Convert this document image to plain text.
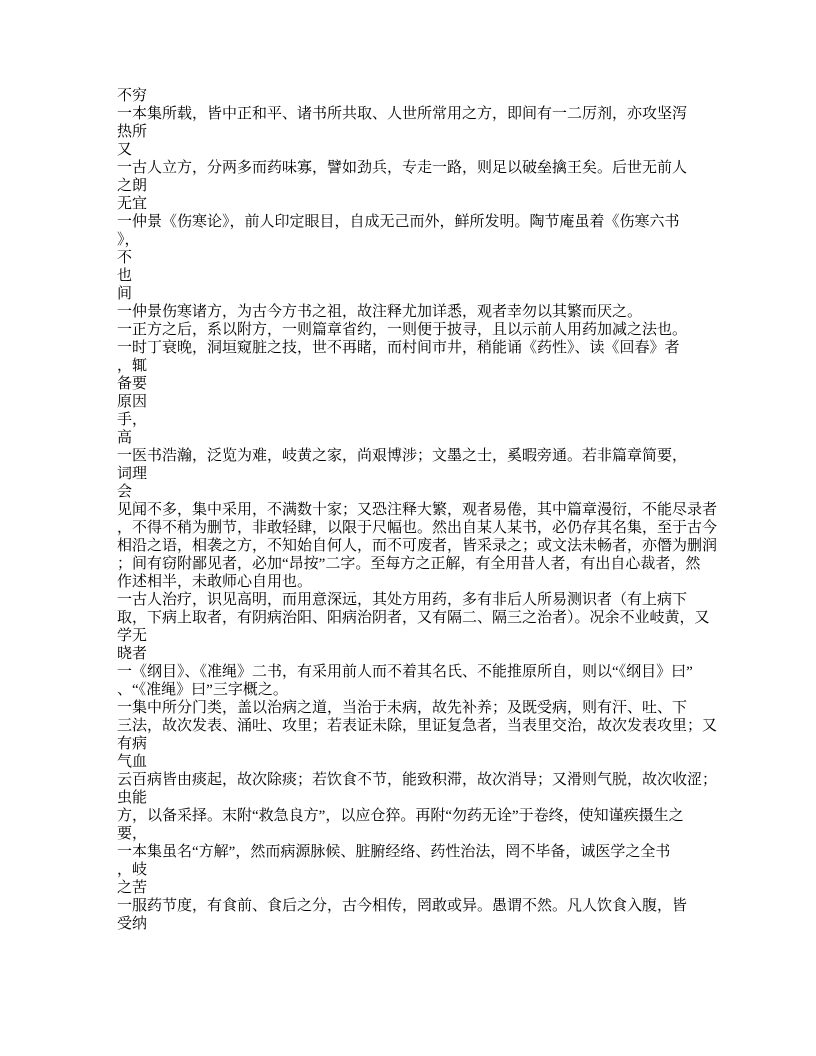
不穷
一本集所载，皆中正和平、诸书所共取、人世所常用之方，即间有一二厉剂，亦攻坚泻
热所
又
一古人立方，分两多而药味寡，譬如劲兵，专走一路，则足以破垒擒王矣。后世无前人
之朗
无宜
一仲景《伤寒论》，前人印定眼目，自成无己而外，鲜所发明。陶节庵虽着《伤寒六书
》，
不
也
间
一仲景伤寒诸方，为古今方书之祖，故注释尤加详悉，观者幸勿以其繁而厌之。
一正方之后，系以附方，一则篇章省约，一则便于披寻，且以示前人用药加减之法也。
一时丁衰晚，洞垣窥脏之技，世不再睹，而村间市井，稍能诵《药性》、读《回春》者
，辄
备要
原因
手，
高
一医书浩瀚，泛览为难，岐黄之家，尚艰博涉；文墨之士，奚暇旁通。若非篇章简要，
词理
会
见闻不多，集中采用，不满数十家；又恐注释大繁，观者易倦，其中篇章漫衍，不能尽录者
，不得不稍为删节，非敢轻肆，以限于尺幅也。然出自某人某书，必仍存其名集，至于古今
相沿之语，相袭之方，不知始自何人，而不可废者，皆采录之；或文法未畅者，亦僭为删润
；间有窃附鄙见者，必加“昂按”二字。至每方之正解，有全用昔人者，有出自心裁者，然
作述相半，未敢师心自用也。
一古人治疗，识见高明，而用意深远，其处方用药，多有非后人所易测识者（有上病下
取，下病上取者，有阴病治阳、阳病治阴者，又有隔二、隔三之治者）。况余不业岐黄，又
学无
晓者
一《纲目》、《准绳》二书，有采用前人而不着其名氏、不能推原所自，则以“《纲目》曰”
、“《准绳》曰”三字概之。
一集中所分门类，盖以治病之道，当治于未病，故先补养；及既受病，则有汗、吐、下
三法，故次发表、涌吐、攻里；若表证未除，里证复急者，当表里交治，故次发表攻里；又
有病
气血
云百病皆由痰起，故次除痰；若饮食不节，能致积滞，故次消导；又滑则气脱，故次收涩；
虫能
方，以备采择。末附“救急良方”，以应仓猝。再附“勿药无诠”于卷终，使知谨疾摄生之
要，
一本集虽名“方解”，然而病源脉候、脏腑经络、药性治法，罔不毕备，诚医学之全书
，岐
之苦
一服药节度，有食前、食后之分，古今相传，罔敢或异。愚谓不然。凡人饮食入腹，皆
受纳
